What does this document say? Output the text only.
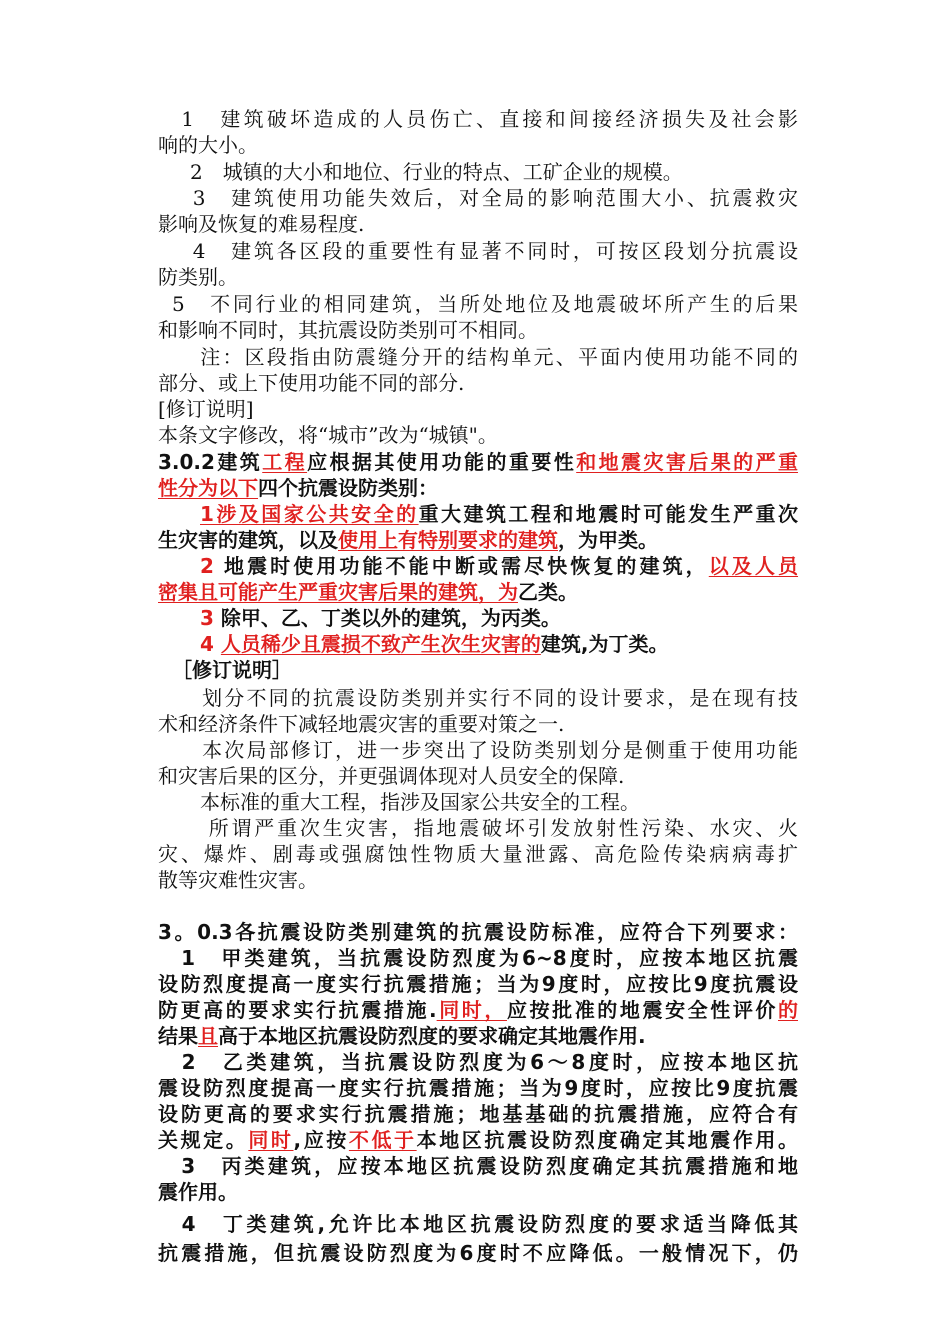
　1　建筑破坏造成的人员伤亡、直接和间接经济损失及社会影
响的大小。
　2　城镇的大小和地位、行业的特点、工矿企业的规模。
　3　建筑使用功能失效后，对全局的影响范围大小、抗震救灾
影响及恢复的难易程度.
　4　建筑各区段的重要性有显著不同时，可按区段划分抗震设
防类别。
5　不同行业的相同建筑，当所处地位及地震破坏所产生的后果
和影响不同时，其抗震设防类别可不相同。
　注：区段指由防震缝分开的结构单元、平面内使用功能不同的
部分、或上下使用功能不同的部分.
[修订说明]
本条文字修改，将“城市”改为“城镇"。
3.0.2建筑工程应根据其使用功能的重要性和地震灾害后果的严重
性分为以下四个抗震设防类别：
1涉及国家公共安全的重大建筑工程和地震时可能发生严重次
生灾害的建筑，以及使用上有特别要求的建筑，为甲类。
2 地震时使用功能不能中断或需尽快恢复的建筑，以及人员
密集且可能产生严重灾害后果的建筑，为乙类。
3 除甲、乙、丁类以外的建筑，为丙类。
4 人员稀少且震损不致产生次生灾害的建筑,为丁类。
［修订说明］
　划分不同的抗震设防类别并实行不同的设计要求，是在现有技
术和经济条件下减轻地震灾害的重要对策之一.
　本次局部修订，进一步突出了设防类别划分是侧重于使用功能
和灾害后果的区分，并更强调体现对人员安全的保障.
　本标准的重大工程，指涉及国家公共安全的工程。
　所谓严重次生灾害，指地震破坏引发放射性污染、水灾、火
灾、爆炸、剧毒或强腐蚀性物质大量泄露、高危险传染病病毒扩
散等灾难性灾害。
3。0.3各抗震设防类别建筑的抗震设防标准，应符合下列要求：
　1　甲类建筑，当抗震设防烈度为6~8度时，应按本地区抗震
设防烈度提高一度实行抗震措施；当为9度时，应按比9度抗震设
防更高的要求实行抗震措施.同时，应按批准的地震安全性评价的
结果且高于本地区抗震设防烈度的要求确定其地震作用.
　2　乙类建筑，当抗震设防烈度为6～8度时，应按本地区抗
震设防烈度提高一度实行抗震措施；当为9度时，应按比9度抗震
设防更高的要求实行抗震措施；地基基础的抗震措施，应符合有
关规定。同时,应按不低于本地区抗震设防烈度确定其地震作用。
　3　丙类建筑，应按本地区抗震设防烈度确定其抗震措施和地
震作用。
　4　丁类建筑,允许比本地区抗震设防烈度的要求适当降低其
抗震措施，但抗震设防烈度为6度时不应降低。一般情况下，仍
